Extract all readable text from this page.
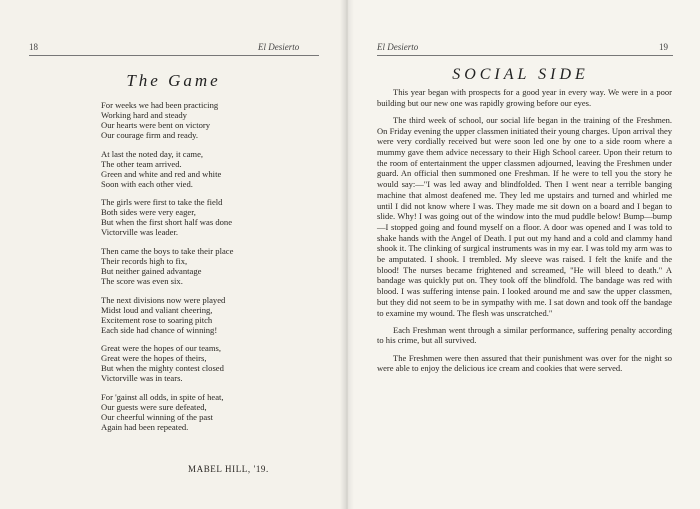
18	El Desierto
The Game
For weeks we had been practicing
Working hard and steady
Our hearts were bent on victory
Our courage firm and ready.
At last the noted day, it came,
The other team arrived.
Green and white and red and white
Soon with each other vied.
The girls were first to take the field
Both sides were very eager,
But when the first short half was done
Victorville was leader.
Then came the boys to take their place
Their records high to fix,
But neither gained advantage
The score was even six.
The next divisions now were played
Midst loud and valiant cheering,
Excitement rose to soaring pitch
Each side had chance of winning!
Great were the hopes of our teams,
Great were the hopes of theirs,
But when the mighty contest closed
Victorville was in tears.
For 'gainst all odds, in spite of heat,
Our guests were sure defeated,
Our cheerful winning of the past
Again had been repeated.
MABEL HILL, '19.
El Desierto	19

This year began with prospects for a good year in every way. We were in a poor building but our new one was rapidly growing before our eyes.

The third week of school, our social life began in the training of the Freshmen. On Friday evening the upper classmen initiated their young charges. Upon arrival they were very cordially received but were soon led one by one to a side room where a mummy gave them advice necessary to their High School career. Upon their return to the room of entertainment the upper classmen adjourned, leaving the Freshmen under guard. An official then summoned one Freshman. If he were to tell you the story he would say:—"I was led away and blindfolded. Then I went near a terrible banging machine that almost deafened me. They led me upstairs and turned and whirled me until I did not know where I was. They made me sit down on a board and I began to slide. Why! I was going out of the window into the mud puddle below! Bump—bump—I stopped going and found myself on a floor. A door was opened and I was told to shake hands with the Angel of Death. I put out my hand and a cold and clammy hand shook it. The clinking of surgical instruments was in my ear. I was told my arm was to be amputated. I shook. I trembled. My sleeve was raised. I felt the knife and the blood! The nurses became frightened and screamed, "He will bleed to death." A bandage was quickly put on. They took off the blindfold. The bandage was red with blood. I was suffering intense pain. I looked around me and saw the upper classmen, but they did not seem to be in sympathy with me. I sat down and took off the bandage to examine my wound. The flesh was unscratched."

Each Freshman went through a similar performance, suffering penalty according to his crime, but all survived.

The Freshmen were then assured that their punishment was over for the night so were able to enjoy the delicious ice cream and cookies that were served.

SOCIAL SIDE
